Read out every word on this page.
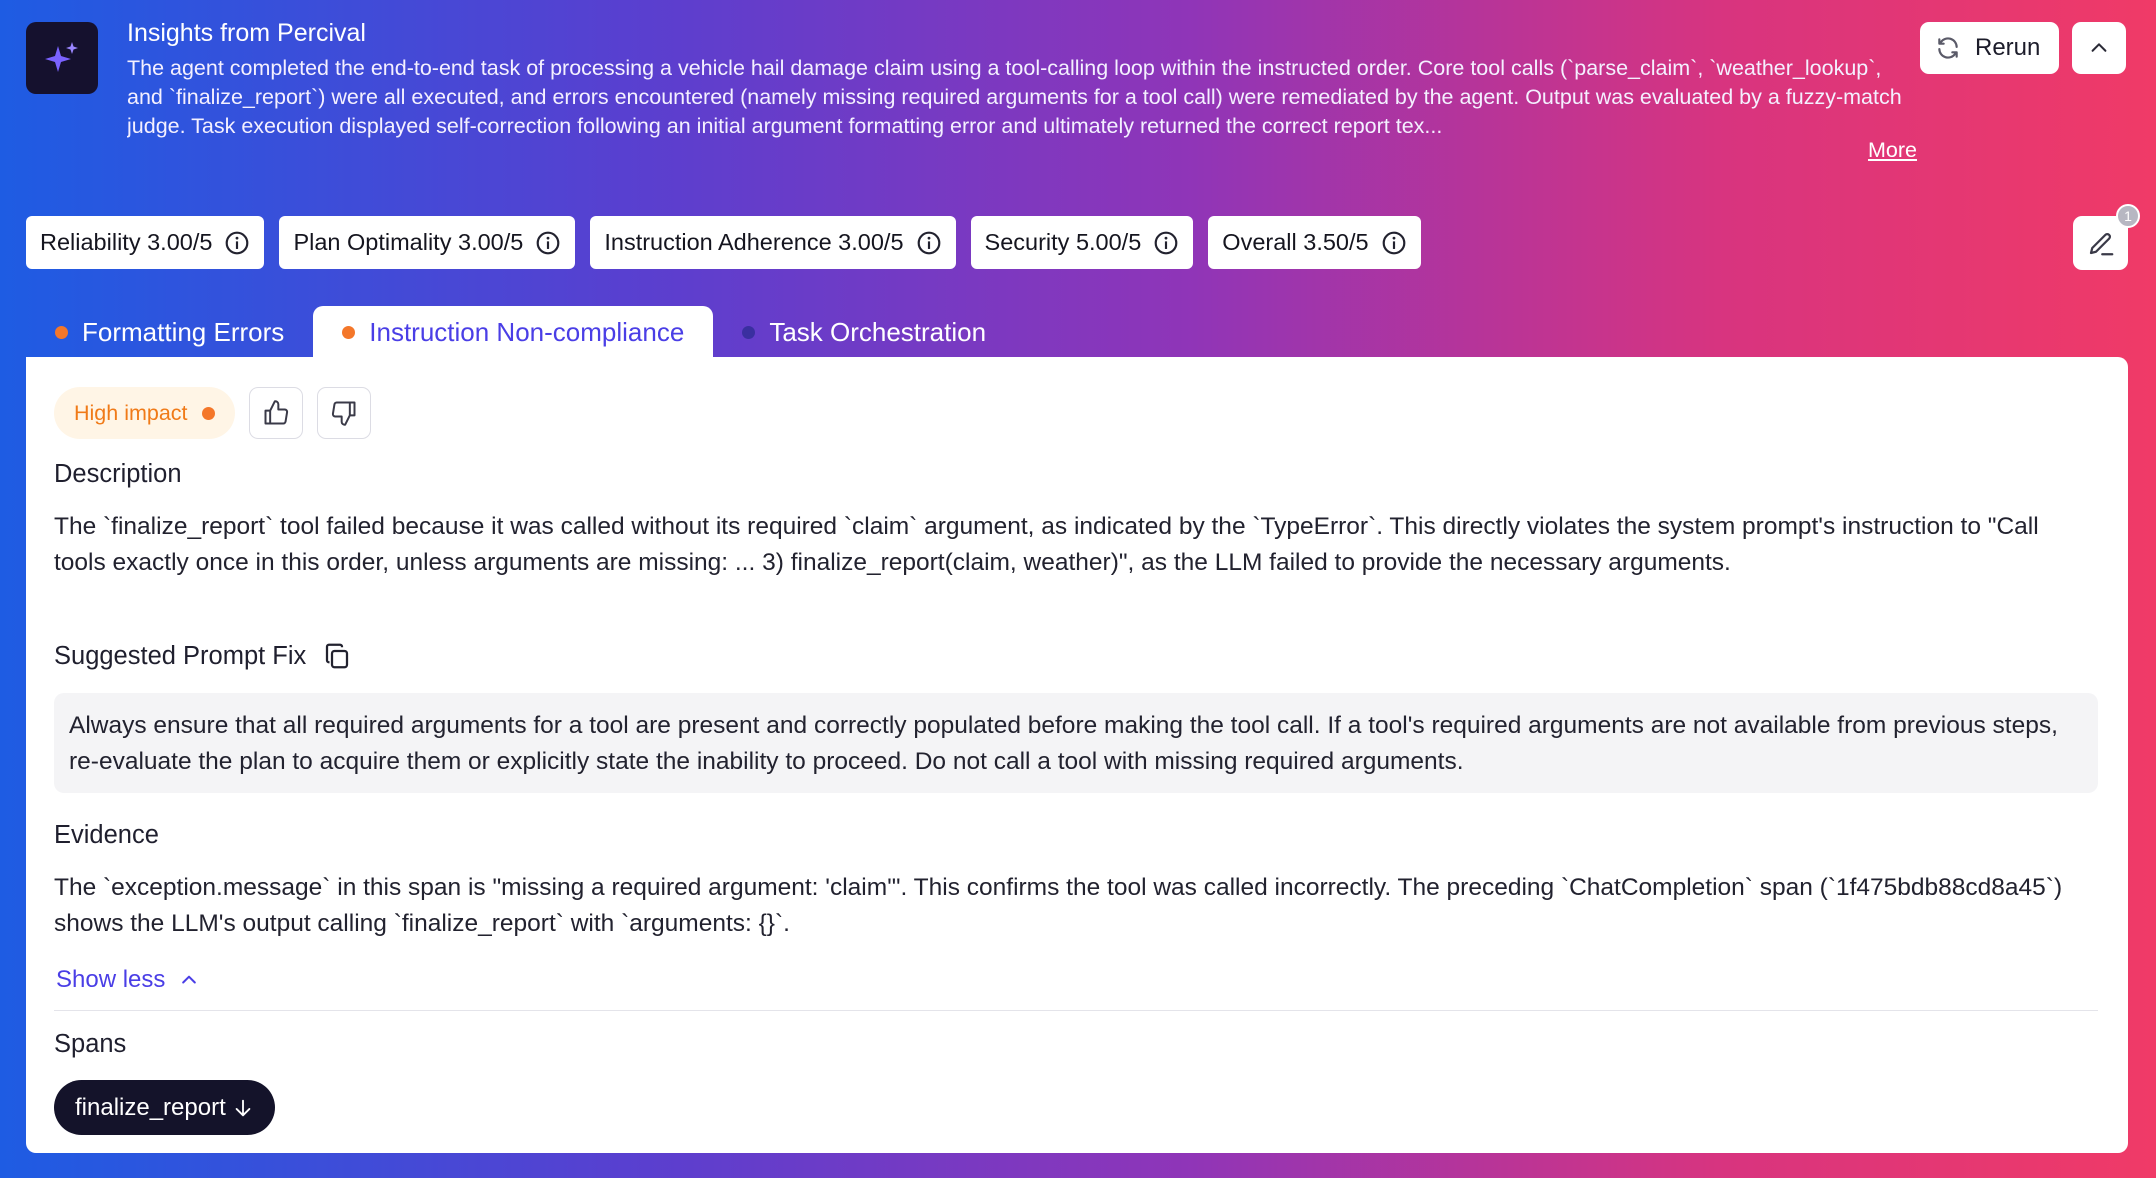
Insights from Percival
The agent completed the end-to-end task of processing a vehicle hail damage claim using a tool-calling loop within the instructed order. Core tool calls (`parse_claim`, `weather_lookup`, and `finalize_report`) were all executed, and errors encountered (namely missing required arguments for a tool call) were remediated by the agent. Output was evaluated by a fuzzy-match judge. Task execution displayed self-correction following an initial argument formatting error and ultimately returned the correct report tex...
More
Rerun
Reliability 3.00/5	Plan Optimality 3.00/5	Instruction Adherence 3.00/5	Security 5.00/5	Overall 3.50/5
1
Formatting Errors	Instruction Non-compliance	Task Orchestration
High impact
Description
The `finalize_report` tool failed because it was called without its required `claim` argument, as indicated by the `TypeError`. This directly violates the system prompt's instruction to "Call tools exactly once in this order, unless arguments are missing: ... 3) finalize_report(claim, weather)", as the LLM failed to provide the necessary arguments.
Suggested Prompt Fix
Always ensure that all required arguments for a tool are present and correctly populated before making the tool call. If a tool's required arguments are not available from previous steps, re-evaluate the plan to acquire them or explicitly state the inability to proceed. Do not call a tool with missing required arguments.
Evidence
The `exception.message` in this span is "missing a required argument: 'claim'". This confirms the tool was called incorrectly. The preceding `ChatCompletion` span (`1f475bdb88cd8a45`) shows the LLM's output calling `finalize_report` with `arguments: {}`.
Show less
Spans
finalize_report
